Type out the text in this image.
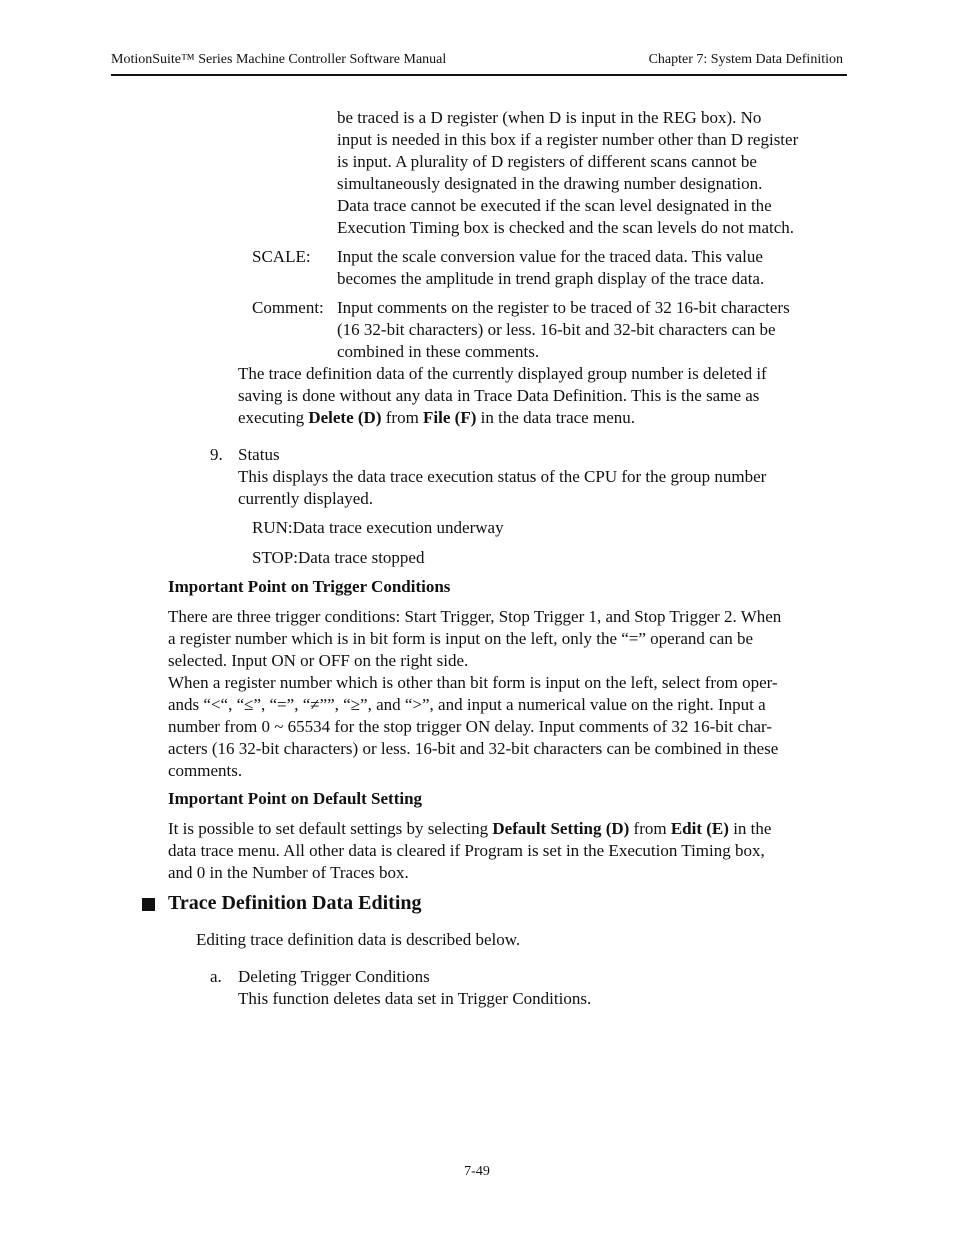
MotionSuite™ Series Machine Controller Software Manual	Chapter 7: System Data Definition
be traced is a D register (when D is input in the REG box). No
input is needed in this box if a register number other than D register
is input. A plurality of D registers of different scans cannot be
simultaneously designated in the drawing number designation.
Data trace cannot be executed if the scan level designated in the
Execution Timing box is checked and the scan levels do not match.
SCALE: Input the scale conversion value for the traced data. This value
becomes the amplitude in trend graph display of the trace data.
Comment: Input comments on the register to be traced of 32 16-bit characters
(16 32-bit characters) or less. 16-bit and 32-bit characters can be
combined in these comments.
The trace definition data of the currently displayed group number is deleted if
saving is done without any data in Trace Data Definition. This is the same as
executing Delete (D) from File (F) in the data trace menu.
9. Status
This displays the data trace execution status of the CPU for the group number
currently displayed.
RUN:Data trace execution underway
STOP:Data trace stopped
Important Point on Trigger Conditions
There are three trigger conditions: Start Trigger, Stop Trigger 1, and Stop Trigger 2. When
a register number which is in bit form is input on the left, only the “=” operand can be
selected. Input ON or OFF on the right side.
When a register number which is other than bit form is input on the left, select from oper-
ands “<“, “≤”, “=”, “≠””, “≥”, and “>”, and input a numerical value on the right. Input a
number from 0 ~ 65534 for the stop trigger ON delay. Input comments of 32 16-bit char-
acters (16 32-bit characters) or less. 16-bit and 32-bit characters can be combined in these
comments.
Important Point on Default Setting
It is possible to set default settings by selecting Default Setting (D) from Edit (E) in the
data trace menu. All other data is cleared if Program is set in the Execution Timing box,
and 0 in the Number of Traces box.
Trace Definition Data Editing
Editing trace definition data is described below.
a. Deleting Trigger Conditions
This function deletes data set in Trigger Conditions.
7-49
